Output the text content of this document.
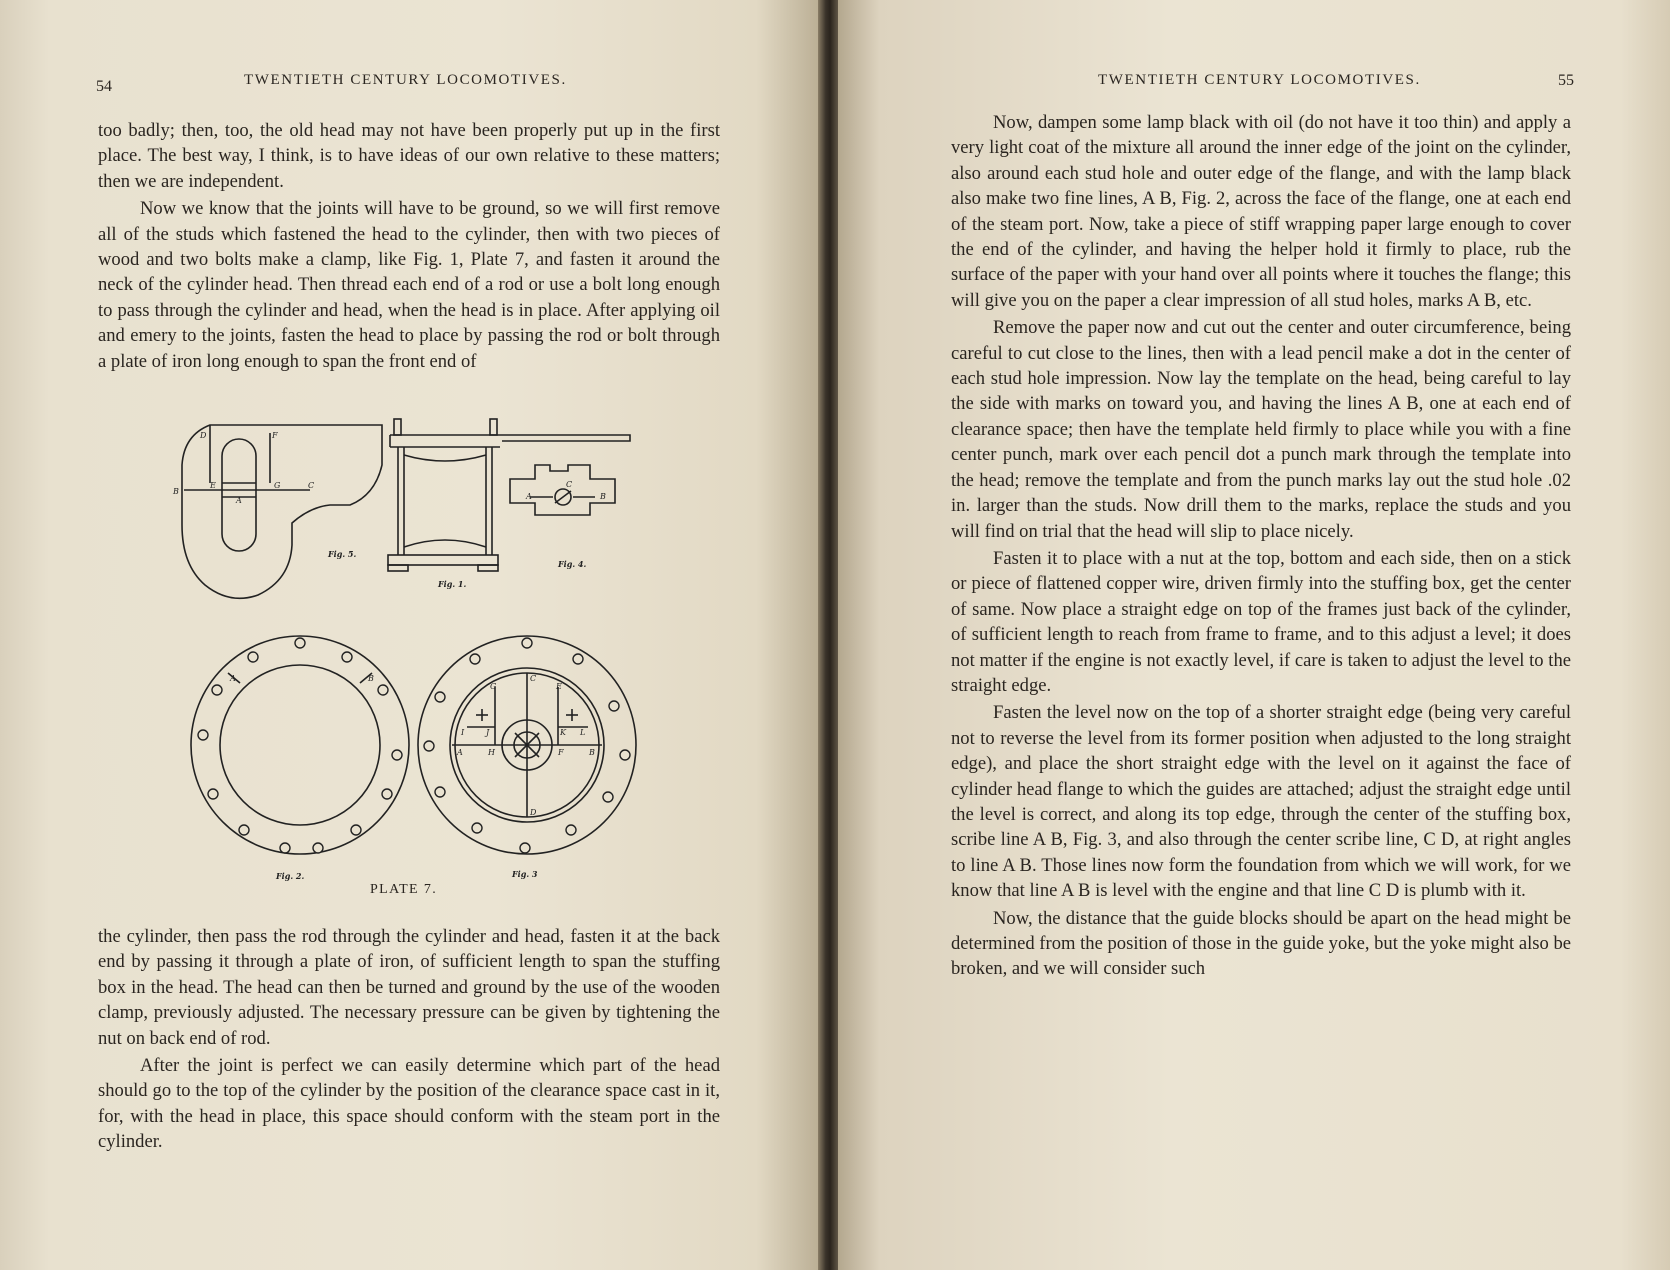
54	TWENTIETH CENTURY LOCOMOTIVES.

too badly; then, too, the old head may not have been properly put up in the first place. The best way, I think, is to have ideas of our own relative to these matters; then we are independent.

Now we know that the joints will have to be ground, so we will first remove all of the studs which fastened the head to the cylinder, then with two pieces of wood and two bolts make a clamp, like Fig. 1, Plate 7, and fasten it around the neck of the cylinder head. Then thread each end of a rod or use a bolt long enough to pass through the cylinder and head, when the head is in place. After applying oil and emery to the joints, fasten the head to place by passing the rod or bolt through a plate of iron long enough to span the front end of

D	F
B
E	G	C
A
Fig. 5.
Fig. 1.
A	B
C
Fig. 4.
A	B
Fig. 2.
G
C
E
I	J	K L
A	H	F	B
D
Fig. 3
PLATE 7.

the cylinder, then pass the rod through the cylinder and head, fasten it at the back end by passing it through a plate of iron, of sufficient length to span the stuffing box in the head. The head can then be turned and ground by the use of the wooden clamp, previously adjusted. The necessary pressure can be given by tightening the nut on back end of rod.

After the joint is perfect we can easily determine which part of the head should go to the top of the cylinder by the position of the clearance space cast in it, for, with the head in place, this space should conform with the steam port in the cylinder.

TWENTIETH CENTURY LOCOMOTIVES.	55

Now, dampen some lamp black with oil (do not have it too thin) and apply a very light coat of the mixture all around the inner edge of the joint on the cylinder, also around each stud hole and outer edge of the flange, and with the lamp black also make two fine lines, A B, Fig. 2, across the face of the flange, one at each end of the steam port. Now, take a piece of stiff wrapping paper large enough to cover the end of the cylinder, and having the helper hold it firmly to place, rub the surface of the paper with your hand over all points where it touches the flange; this will give you on the paper a clear impression of all stud holes, marks A B, etc.

Remove the paper now and cut out the center and outer circumference, being careful to cut close to the lines, then with a lead pencil make a dot in the center of each stud hole impression. Now lay the template on the head, being careful to lay the side with marks on toward you, and having the lines A B, one at each end of clearance space; then have the template held firmly to place while you with a fine center punch, mark over each pencil dot a punch mark through the template into the head; remove the template and from the punch marks lay out the stud hole .02 in. larger than the studs. Now drill them to the marks, replace the studs and you will find on trial that the head will slip to place nicely.

Fasten it to place with a nut at the top, bottom and each side, then on a stick or piece of flattened copper wire, driven firmly into the stuffing box, get the center of same. Now place a straight edge on top of the frames just back of the cylinder, of sufficient length to reach from frame to frame, and to this adjust a level; it does not matter if the engine is not exactly level, if care is taken to adjust the level to the straight edge.

Fasten the level now on the top of a shorter straight edge (being very careful not to reverse the level from its former position when adjusted to the long straight edge), and place the short straight edge with the level on it against the face of cylinder head flange to which the guides are attached; adjust the straight edge until the level is correct, and along its top edge, through the center of the stuffing box, scribe line A B, Fig. 3, and also through the center scribe line, C D, at right angles to line A B. Those lines now form the foundation from which we will work, for we know that line A B is level with the engine and that line C D is plumb with it.

Now, the distance that the guide blocks should be apart on the head might be determined from the position of those in the guide yoke, but the yoke might also be broken, and we will consider such
